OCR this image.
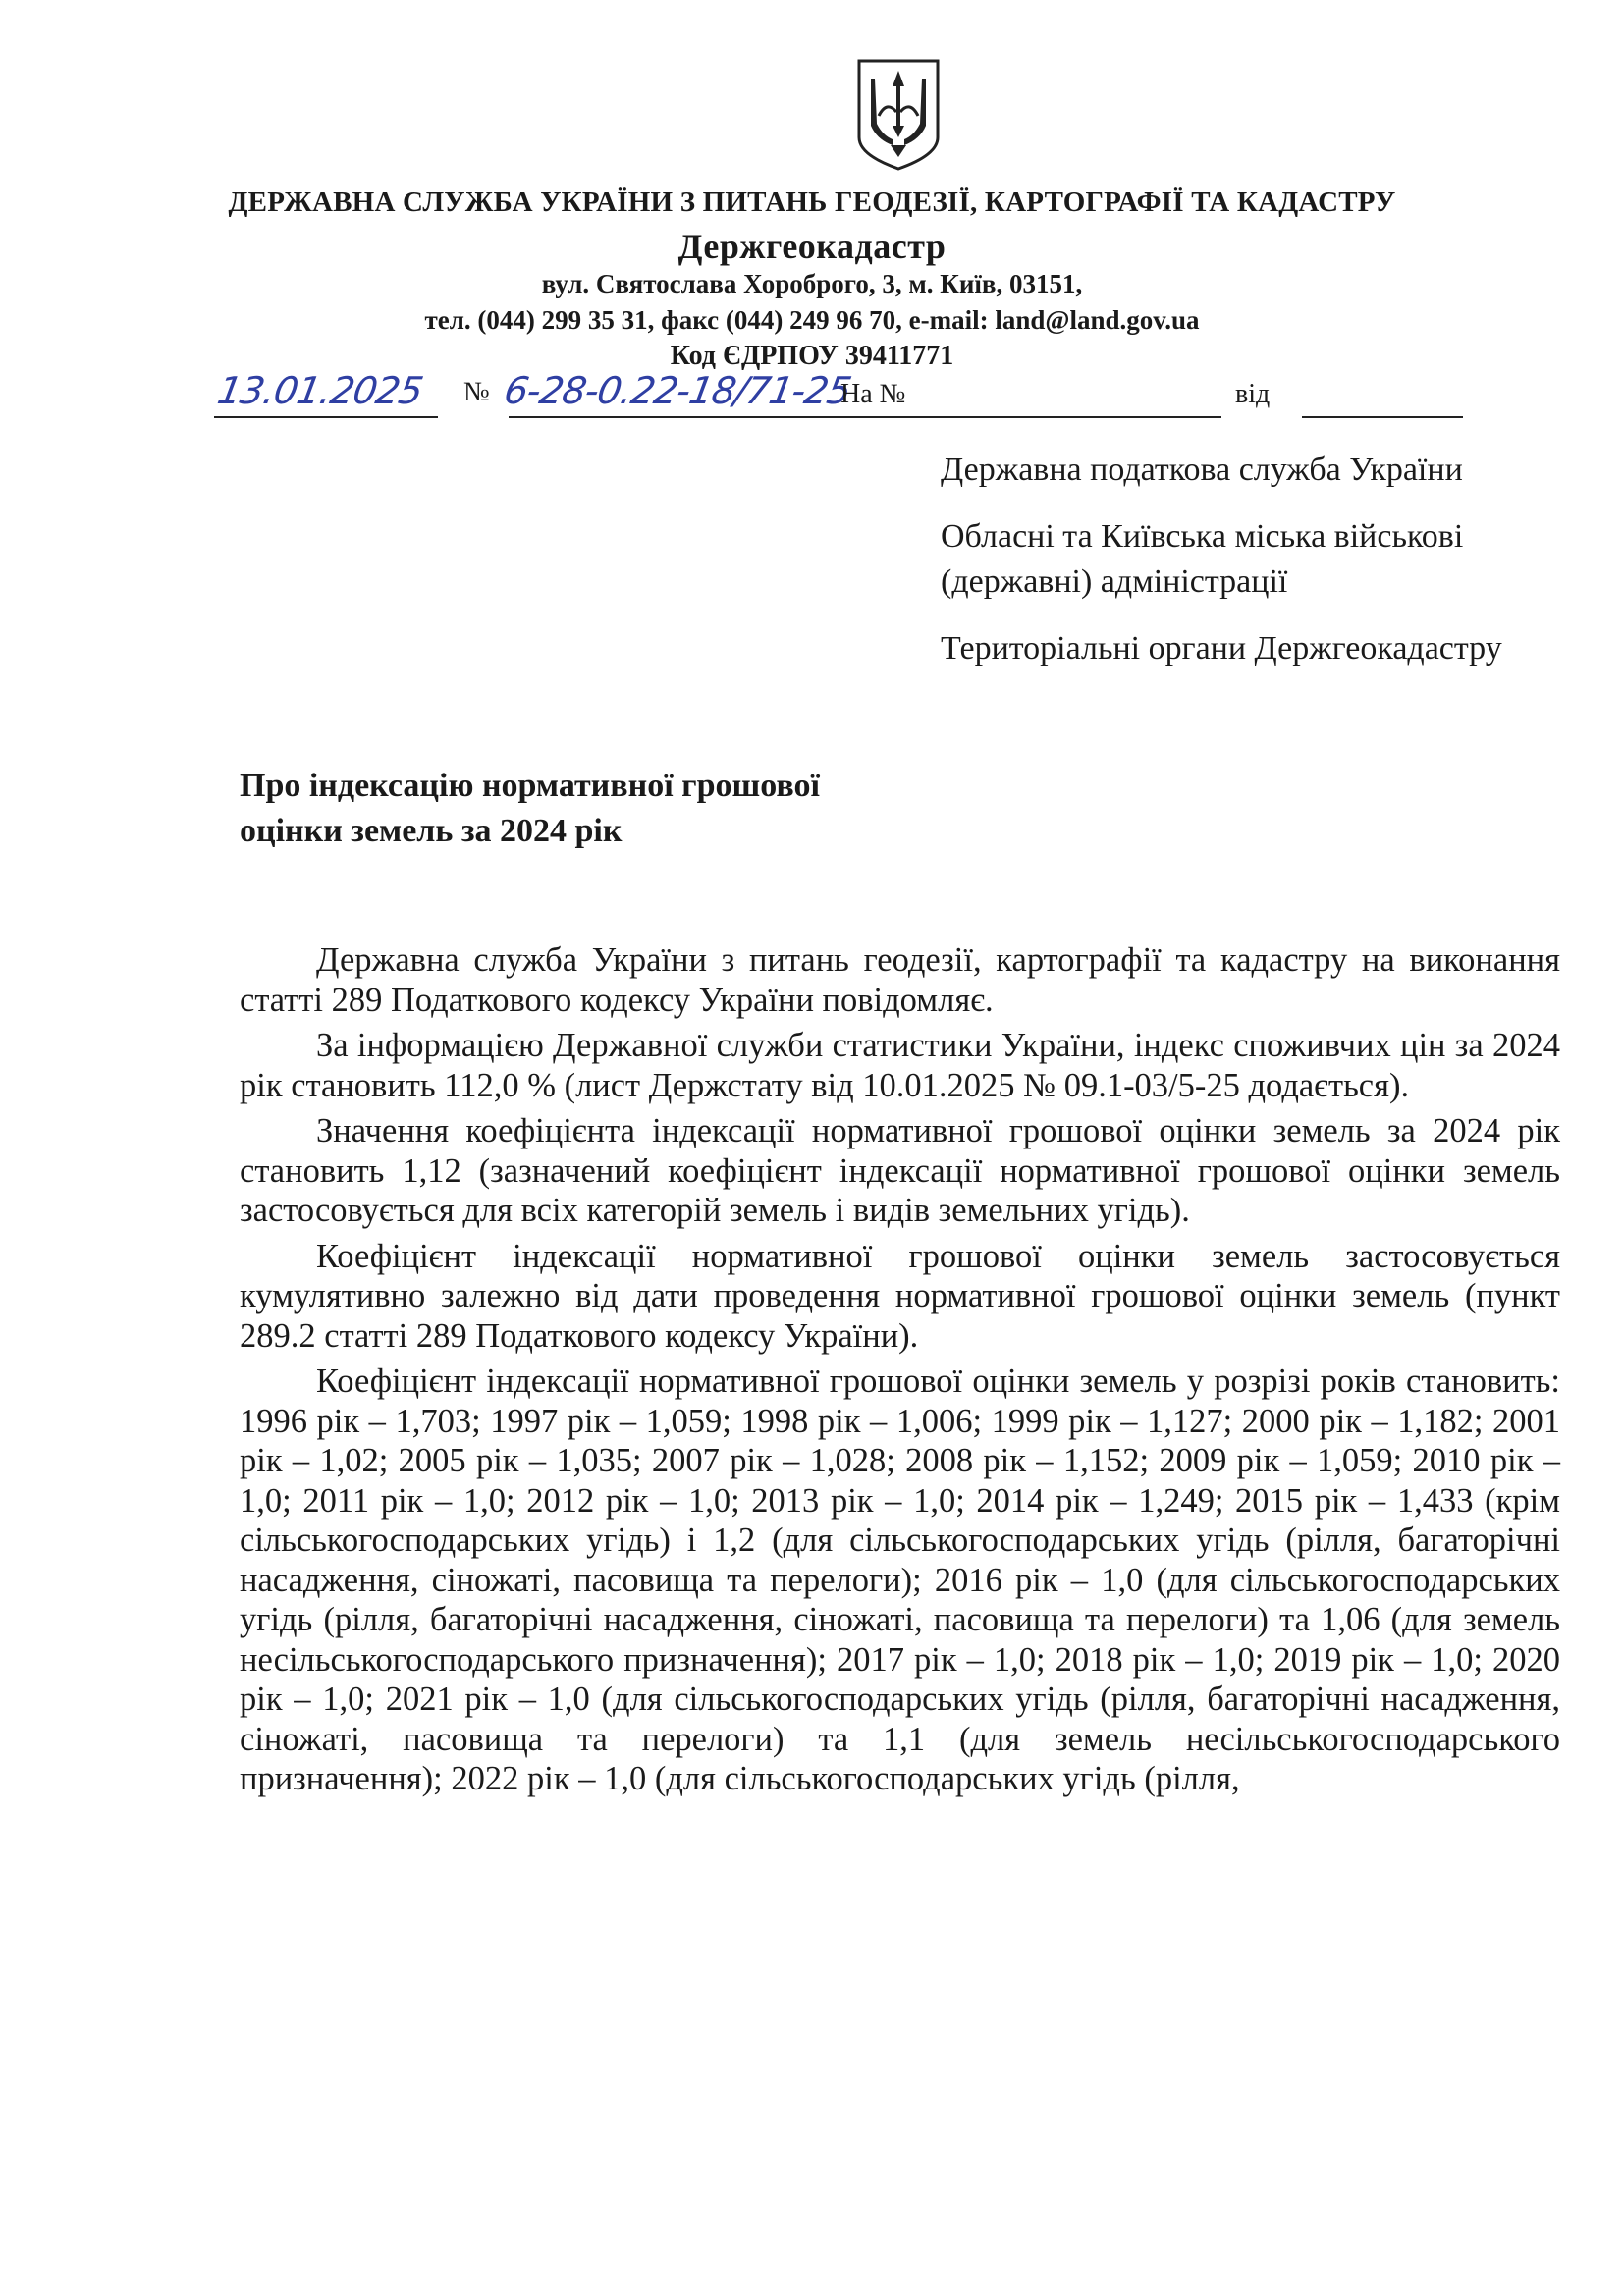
ДЕРЖАВНА СЛУЖБА УКРАЇНИ З ПИТАНЬ ГЕОДЕЗІЇ, КАРТОГРАФІЇ ТА КАДАСТРУ
Держгеокадастр
вул. Святослава Хороброго, 3, м. Київ, 03151,
тел. (044) 299 35 31, факс (044) 249 96 70, e-mail: land@land.gov.ua
Код ЄДРПОУ 39411771
13.01.2025 № 6-28-0.22-18/71-25
На №	від
Державна податкова служба України
Обласні та Київська міська військові (державні) адміністрації
Територіальні органи Держгеокадастру
Про індексацію нормативної грошової оцінки земель за 2024 рік

Державна служба України з питань геодезії, картографії та кадастру на виконання статті 289 Податкового кодексу України повідомляє.

За інформацією Державної служби статистики України, індекс споживчих цін за 2024 рік становить 112,0 % (лист Держстату від 10.01.2025 № 09.1-03/5-25 додається).

Значення коефіцієнта індексації нормативної грошової оцінки земель за 2024 рік становить 1,12 (зазначений коефіцієнт індексації нормативної грошової оцінки земель застосовується для всіх категорій земель і видів земельних угідь).

Коефіцієнт індексації нормативної грошової оцінки земель застосовується кумулятивно залежно від дати проведення нормативної грошової оцінки земель (пункт 289.2 статті 289 Податкового кодексу України).

Коефіцієнт індексації нормативної грошової оцінки земель у розрізі років становить: 1996 рік – 1,703; 1997 рік – 1,059; 1998 рік – 1,006; 1999 рік – 1,127; 2000 рік – 1,182; 2001 рік – 1,02; 2005 рік – 1,035; 2007 рік – 1,028; 2008 рік – 1,152; 2009 рік – 1,059; 2010 рік – 1,0; 2011 рік – 1,0; 2012 рік – 1,0; 2013 рік – 1,0; 2014 рік – 1,249; 2015 рік – 1,433 (крім сільськогосподарських угідь) і 1,2 (для сільськогосподарських угідь (рілля, багаторічні насадження, сіножаті, пасовища та перелоги); 2016 рік – 1,0 (для сільськогосподарських угідь (рілля, багаторічні насадження, сіножаті, пасовища та перелоги) та 1,06 (для земель несільськогосподарського призначення); 2017 рік – 1,0; 2018 рік – 1,0; 2019 рік – 1,0; 2020 рік – 1,0; 2021 рік – 1,0 (для сільськогосподарських угідь (рілля, багаторічні насадження, сіножаті, пасовища та перелоги) та 1,1 (для земель несільськогосподарського призначення); 2022 рік – 1,0 (для сільськогосподарських угідь (рілля,
